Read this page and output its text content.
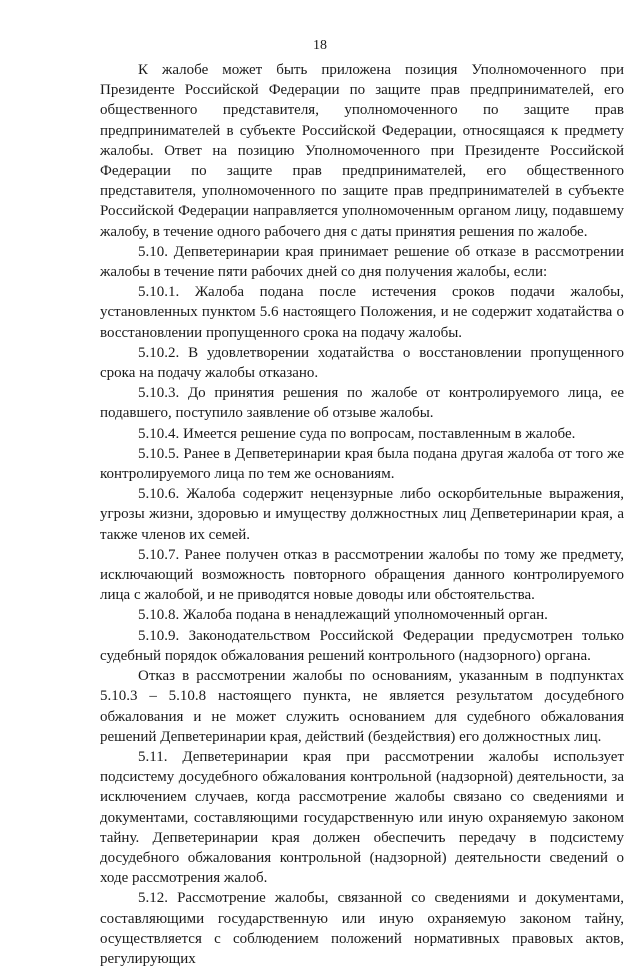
18

К жалобе может быть приложена позиция Уполномоченного при Президенте Российской Федерации по защите прав предпринимателей, его общественного представителя, уполномоченного по защите прав предпринимателей в субъекте Российской Федерации, относящаяся к предмету жалобы. Ответ на позицию Уполномоченного при Президенте Российской Федерации по защите прав предпринимателей, его общественного представителя, уполномоченного по защите прав предпринимателей в субъекте Российской Федерации направляется уполномоченным органом лицу, подавшему жалобу, в течение одного рабочего дня с даты принятия решения по жалобе.

5.10. Депветеринарии края принимает решение об отказе в рассмотрении жалобы в течение пяти рабочих дней со дня получения жалобы, если:

5.10.1. Жалоба подана после истечения сроков подачи жалобы, установленных пунктом 5.6 настоящего Положения, и не содержит ходатайства о восстановлении пропущенного срока на подачу жалобы.

5.10.2. В удовлетворении ходатайства о восстановлении пропущенного срока на подачу жалобы отказано.

5.10.3. До принятия решения по жалобе от контролируемого лица, ее подавшего, поступило заявление об отзыве жалобы.

5.10.4. Имеется решение суда по вопросам, поставленным в жалобе.

5.10.5. Ранее в Депветеринарии края была подана другая жалоба от того же контролируемого лица по тем же основаниям.

5.10.6. Жалоба содержит нецензурные либо оскорбительные выражения, угрозы жизни, здоровью и имуществу должностных лиц Депветеринарии края, а также членов их семей.

5.10.7. Ранее получен отказ в рассмотрении жалобы по тому же предмету, исключающий возможность повторного обращения данного контролируемого лица с жалобой, и не приводятся новые доводы или обстоятельства.

5.10.8. Жалоба подана в ненадлежащий уполномоченный орган.

5.10.9. Законодательством Российской Федерации предусмотрен только судебный порядок обжалования решений контрольного (надзорного) органа.

Отказ в рассмотрении жалобы по основаниям, указанным в подпунктах 5.10.3 – 5.10.8 настоящего пункта, не является результатом досудебного обжалования и не может служить основанием для судебного обжалования решений Депветеринарии края, действий (бездействия) его должностных лиц.

5.11. Депветеринарии края при рассмотрении жалобы использует подсистему досудебного обжалования контрольной (надзорной) деятельности, за исключением случаев, когда рассмотрение жалобы связано со сведениями и документами, составляющими государственную или иную охраняемую законом тайну. Депветеринарии края должен обеспечить передачу в подсистему досудебного обжалования контрольной (надзорной) деятельности сведений о ходе рассмотрения жалоб.

5.12. Рассмотрение жалобы, связанной со сведениями и документами, составляющими государственную или иную охраняемую законом тайну, осуществляется с соблюдением положений нормативных правовых актов, регулирующих
